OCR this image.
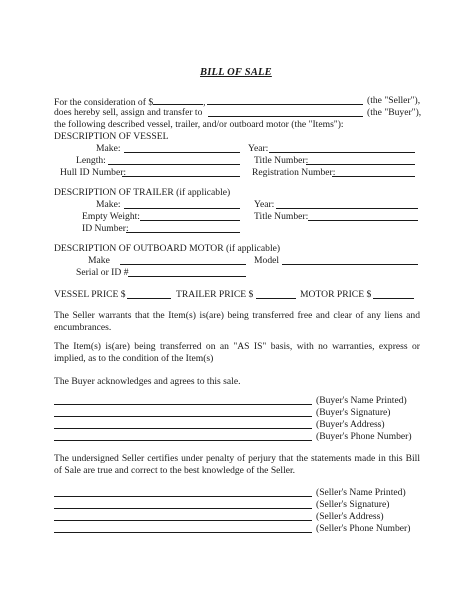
BILL OF SALE
For the consideration of $	,	(the "Seller"),
does hereby sell, assign and transfer to	(the "Buyer"),
the following described vessel, trailer, and/or outboard motor (the "Items"):
DESCRIPTION OF VESSEL
Make:	Year:
Length:	Title Number:
Hull ID Number:	Registration Number:
DESCRIPTION OF TRAILER (if applicable)
Make:	Year:
Empty Weight:	Title Number:
ID Number:
DESCRIPTION OF OUTBOARD MOTOR (if applicable)
Make	Model
Serial or ID #
VESSEL PRICE $	TRAILER PRICE $	MOTOR PRICE $
The Seller warrants that the Item(s) is(are) being transferred free and clear of any liens and encumbrances.
The Item(s) is(are) being transferred on an "AS IS" basis, with no warranties, express or implied, as to the condition of the Item(s)
The Buyer acknowledges and agrees to this sale.
(Buyer's Name Printed)
(Buyer's Signature)
(Buyer's Address)
(Buyer's Phone Number)
The undersigned Seller certifies under penalty of perjury that the statements made in this Bill of Sale are true and correct to the best knowledge of the Seller.
(Seller's Name Printed)
(Seller's Signature)
(Seller's Address)
(Seller's Phone Number)
